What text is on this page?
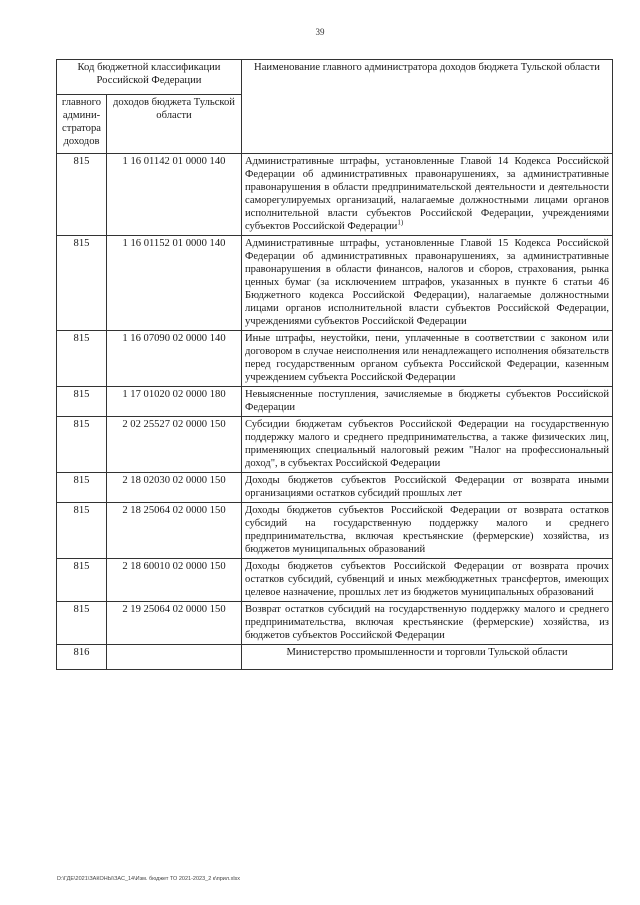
39
Код бюджетной классификации Российской Федерации		Наименование главного администратора доходов бюджета Тульской области
главного админи-стратора доходов	доходов бюджета Тульской области	
815	1 16 01142 01 0000 140	Административные штрафы, установленные Главой 14 Кодекса Российской Федерации об административных правонарушениях, за административные правонарушения в области предпринимательской деятельности и деятельности саморегулируемых организаций, налагаемые должностными лицами органов исполнительной власти субъектов Российской Федерации, учреждениями субъектов Российской Федерации$^{1)}$
815	1 16 01152 01 0000 140	Административные штрафы, установленные Главой 15 Кодекса Российской Федерации об административных правонарушениях, за административные правонарушения в области финансов, налогов и сборов, страхования, рынка ценных бумаг (за исключением штрафов, указанных в пункте 6 статьи 46 Бюджетного кодекса Российской Федерации), налагаемые должностными лицами органов исполнительной власти субъектов Российской Федерации, учреждениями субъектов Российской Федерации
815	1 16 07090 02 0000 140	Иные штрафы, неустойки, пени, уплаченные в соответствии с законом или договором в случае неисполнения или ненадлежащего исполнения обязательств перед государственным органом субъекта Российской Федерации, казенным учреждением субъекта Российской Федерации
815	1 17 01020 02 0000 180	Невыясненные поступления, зачисляемые в бюджеты субъектов Российской Федерации
815	2 02 25527 02 0000 150	Субсидии бюджетам субъектов Российской Федерации на государственную поддержку малого и среднего предпринимательства, а также физических лиц, применяющих специальный налоговый режим "Налог на профессиональный доход", в субъектах Российской Федерации
815	2 18 02030 02 0000 150	Доходы бюджетов субъектов Российской Федерации от возврата иными организациями остатков субсидий прошлых лет
815	2 18 25064 02 0000 150	Доходы бюджетов субъектов Российской Федерации от возврата остатков субсидий на государственную поддержку малого и среднего предпринимательства, включая крестьянские (фермерские) хозяйства, из бюджетов муниципальных образований
815	2 18 60010 02 0000 150	Доходы бюджетов субъектов Российской Федерации от возврата прочих остатков субсидий, субвенций и иных межбюджетных трансфертов, имеющих целевое назначение, прошлых лет из бюджетов муниципальных образований
815	2 19 25064 02 0000 150	Возврат остатков субсидий на государственную поддержку малого и среднего предпринимательства, включая крестьянские (фермерские) хозяйства, из бюджетов субъектов Российской Федерации
816		Министерство промышленности и торговли Тульской области
D:\ГДЕ\2021\ЗАКОНЫ\ЗАС_14\Изм. бюджет ТО 2021-2023_2 к\прил.xlsx
